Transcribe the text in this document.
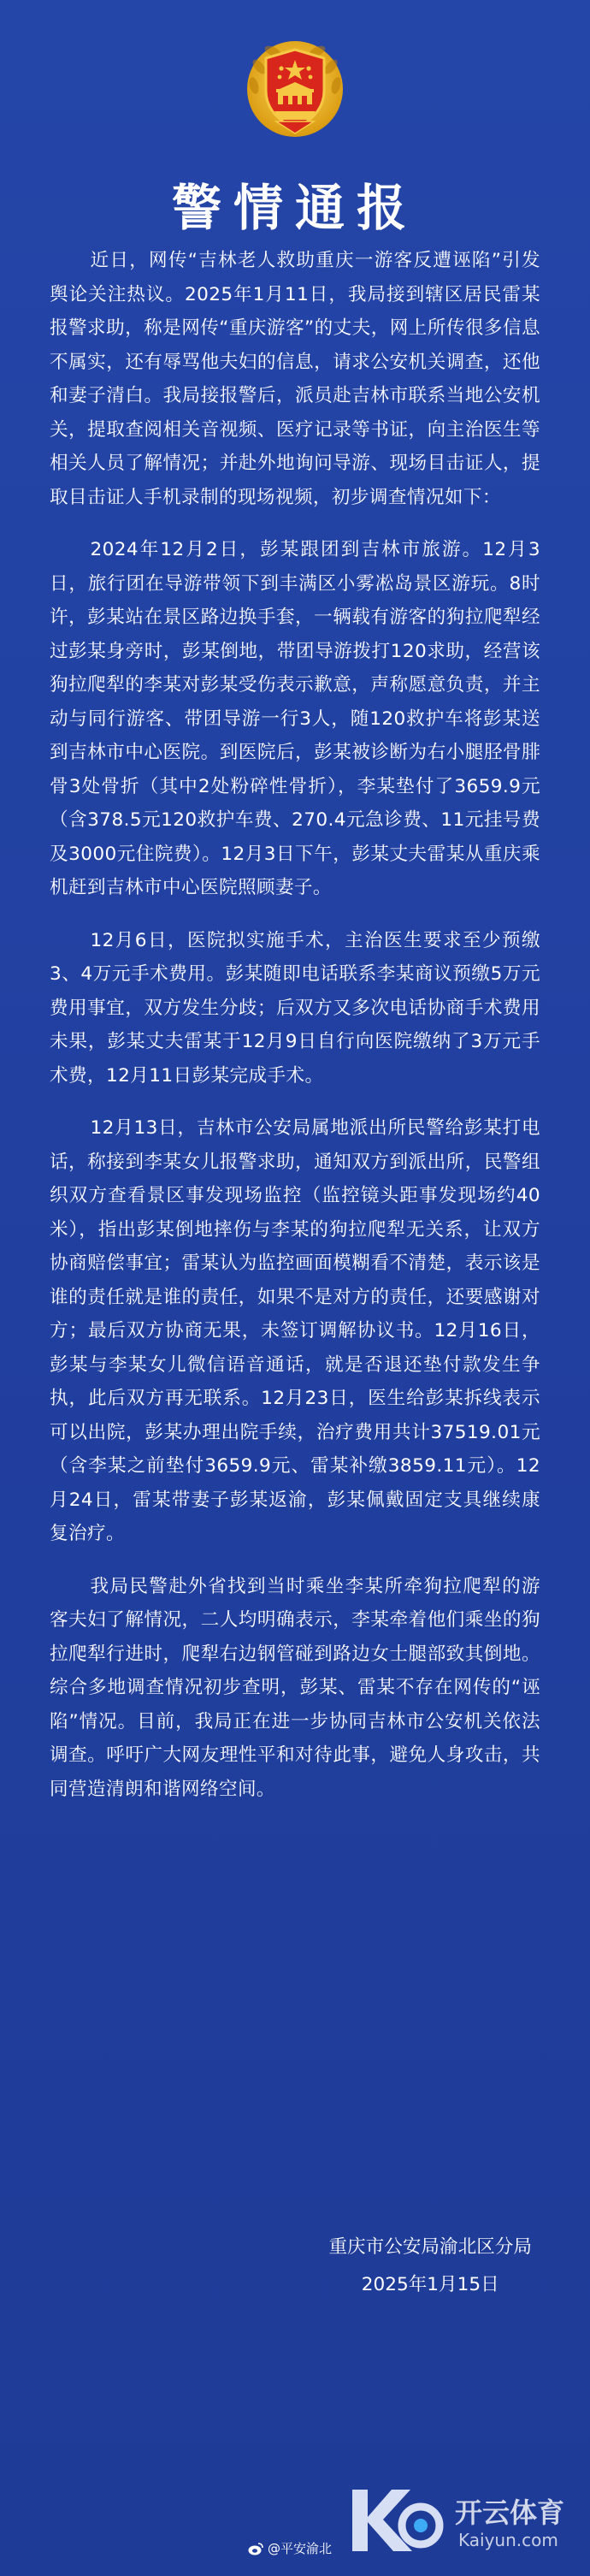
警情通报

近日，网传“吉林老人救助重庆一游客反遭诬陷”引发舆论关注热议。2025年1月11日，我局接到辖区居民雷某报警求助，称是网传“重庆游客”的丈夫，网上所传很多信息不属实，还有辱骂他夫妇的信息，请求公安机关调查，还他和妻子清白。我局接报警后，派员赴吉林市联系当地公安机关，提取查阅相关音视频、医疗记录等书证，向主治医生等相关人员了解情况；并赴外地询问导游、现场目击证人，提取目击证人手机录制的现场视频，初步调查情况如下：

2024年12月2日，彭某跟团到吉林市旅游。12月3日，旅行团在导游带领下到丰满区小雾凇岛景区游玩。8时许，彭某站在景区路边换手套，一辆载有游客的狗拉爬犁经过彭某身旁时，彭某倒地，带团导游拨打120求助，经营该狗拉爬犁的李某对彭某受伤表示歉意，声称愿意负责，并主动与同行游客、带团导游一行3人，随120救护车将彭某送到吉林市中心医院。到医院后，彭某被诊断为右小腿胫骨腓骨3处骨折（其中2处粉碎性骨折），李某垫付了3659.9元（含378.5元120救护车费、270.4元急诊费、11元挂号费及3000元住院费）。12月3日下午，彭某丈夫雷某从重庆乘机赶到吉林市中心医院照顾妻子。

12月6日，医院拟实施手术，主治医生要求至少预缴3、4万元手术费用。彭某随即电话联系李某商议预缴5万元费用事宜，双方发生分歧；后双方又多次电话协商手术费用未果，彭某丈夫雷某于12月9日自行向医院缴纳了3万元手术费，12月11日彭某完成手术。

12月13日，吉林市公安局属地派出所民警给彭某打电话，称接到李某女儿报警求助，通知双方到派出所，民警组织双方查看景区事发现场监控（监控镜头距事发现场约40米），指出彭某倒地摔伤与李某的狗拉爬犁无关系，让双方协商赔偿事宜；雷某认为监控画面模糊看不清楚，表示该是谁的责任就是谁的责任，如果不是对方的责任，还要感谢对方；最后双方协商无果，未签订调解协议书。12月16日，彭某与李某女儿微信语音通话，就是否退还垫付款发生争执，此后双方再无联系。12月23日，医生给彭某拆线表示可以出院，彭某办理出院手续，治疗费用共计37519.01元（含李某之前垫付3659.9元、雷某补缴3859.11元）。12月24日，雷某带妻子彭某返渝，彭某佩戴固定支具继续康复治疗。

我局民警赴外省找到当时乘坐李某所牵狗拉爬犁的游客夫妇了解情况，二人均明确表示，李某牵着他们乘坐的狗拉爬犁行进时，爬犁右边钢管碰到路边女士腿部致其倒地。综合多地调查情况初步查明，彭某、雷某不存在网传的“诬陷”情况。目前，我局正在进一步协同吉林市公安机关依法调查。呼吁广大网友理性平和对待此事，避免人身攻击，共同营造清朗和谐网络空间。

重庆市公安局渝北区分局
2025年1月15日
开云体育
Kaiyun.com
@平安渝北
